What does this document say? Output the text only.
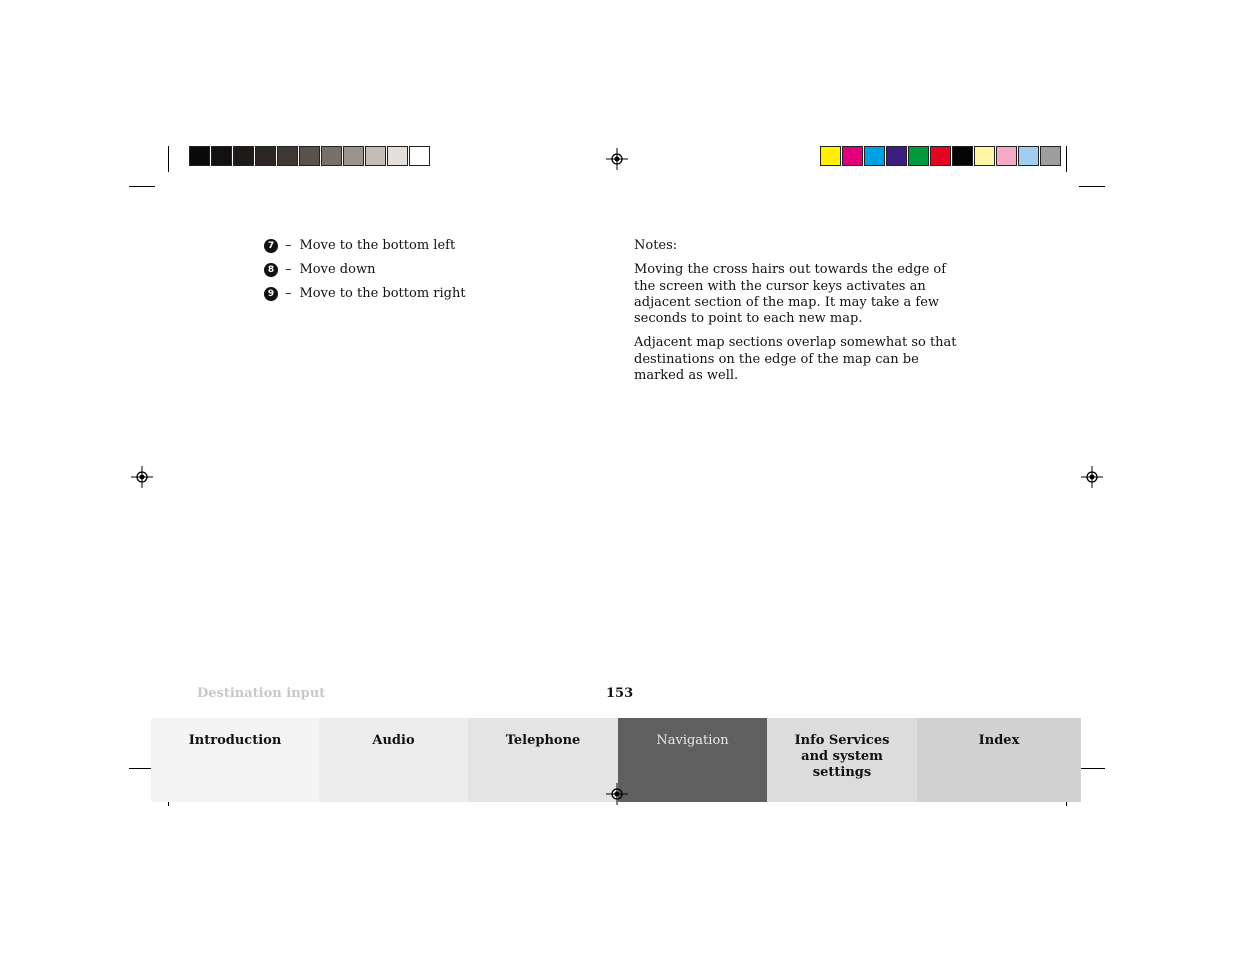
7 – Move to the bottom left
8 – Move down
9 – Move to the bottom right

Notes:

Moving the cross hairs out towards the edge of the screen with the cursor keys activates an adjacent section of the map. It may take a few seconds to point to each new map.

Adjacent map sections overlap somewhat so that destinations on the edge of the map can be marked as well.

Destination input	153
Introduction	Audio	Telephone	Navigation	Info Services and system settings
Index
